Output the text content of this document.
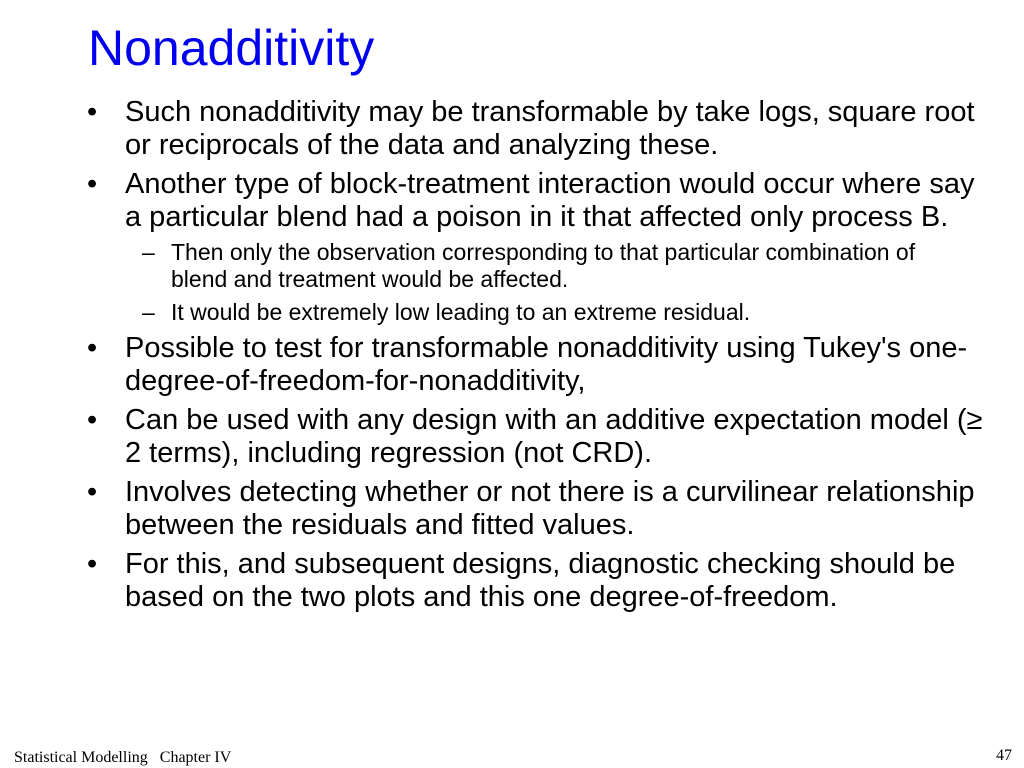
Nonadditivity
• Such nonadditivity may be transformable by take logs, square root or reciprocals of the data and analyzing these.
• Another type of block-treatment interaction would occur where say a particular blend had a poison in it that affected only process B.
– Then only the observation corresponding to that particular combination of blend and treatment would be affected.
– It would be extremely low leading to an extreme residual.
• Possible to test for transformable nonadditivity using Tukey's one-degree-of-freedom-for-nonadditivity,
• Can be used with any design with an additive expectation model (≥ 2 terms), including regression (not CRD).
• Involves detecting whether or not there is a curvilinear relationship between the residuals and fitted values.
• For this, and subsequent designs, diagnostic checking should be based on the two plots and this one degree-of-freedom.
Statistical Modelling Chapter IV	47
